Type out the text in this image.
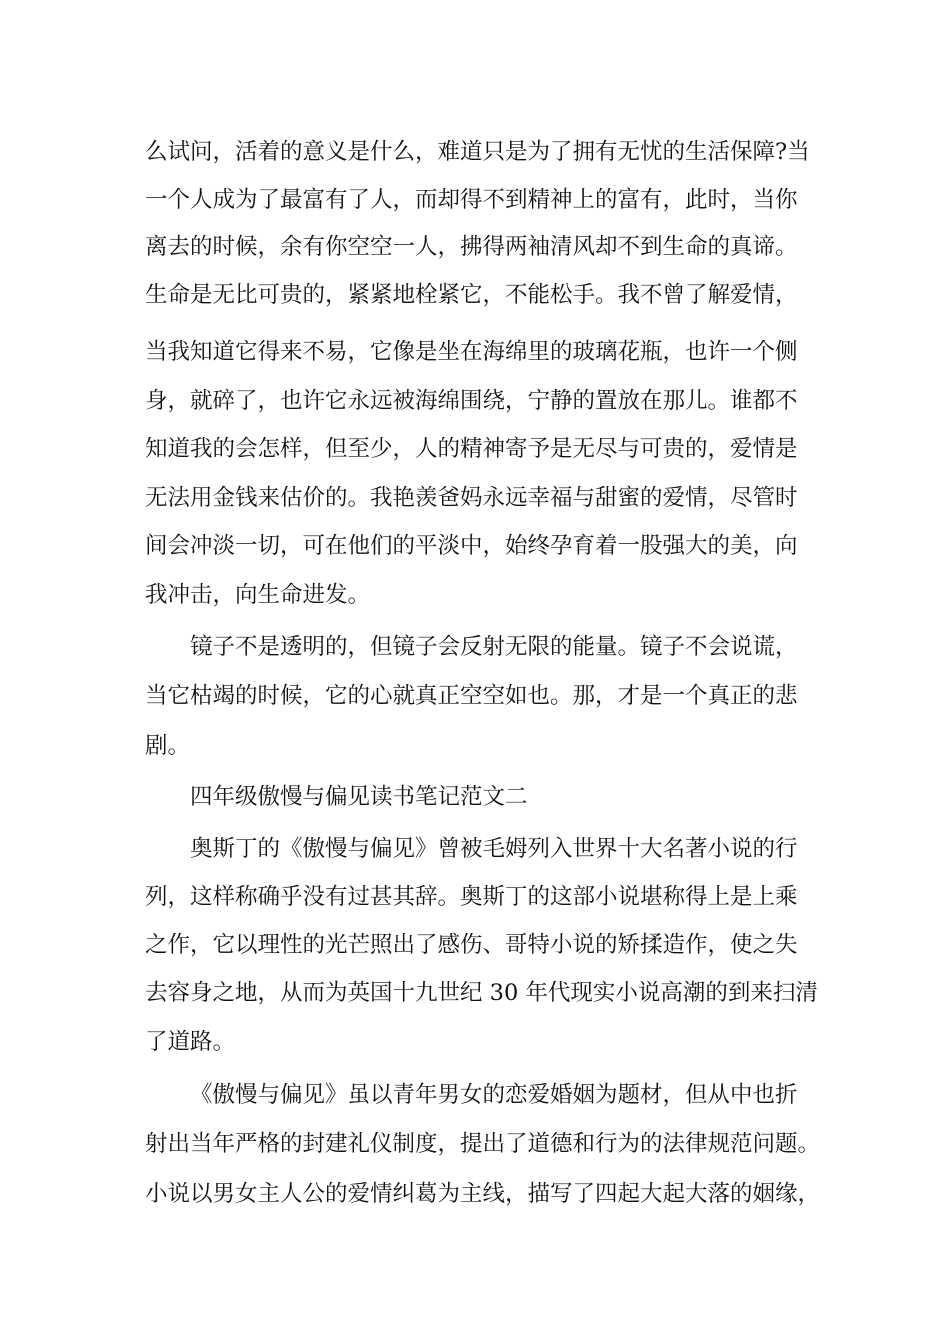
么试问，活着的意义是什么，难道只是为了拥有无忧的生活保障?当
一个人成为了最富有了人，而却得不到精神上的富有，此时，当你
离去的时候，余有你空空一人，拂得两袖清风却不到生命的真谛。
生命是无比可贵的，紧紧地栓紧它，不能松手。我不曾了解爱情，
当我知道它得来不易，它像是坐在海绵里的玻璃花瓶，也许一个侧
身，就碎了，也许它永远被海绵围绕，宁静的置放在那儿。谁都不
知道我的会怎样，但至少，人的精神寄予是无尽与可贵的，爱情是
无法用金钱来估价的。我艳羡爸妈永远幸福与甜蜜的爱情，尽管时
间会冲淡一切，可在他们的平淡中，始终孕育着一股强大的美，向
我冲击，向生命进发。
镜子不是透明的，但镜子会反射无限的能量。镜子不会说谎，
当它枯竭的时候，它的心就真正空空如也。那，才是一个真正的悲
剧。
四年级傲慢与偏见读书笔记范文二
奥斯丁的《傲慢与偏见》曾被毛姆列入世界十大名著小说的行
列，这样称确乎没有过甚其辞。奥斯丁的这部小说堪称得上是上乘
之作，它以理性的光芒照出了感伤、哥特小说的矫揉造作，使之失
去容身之地，从而为英国十九世纪 30 年代现实小说高潮的到来扫清
了道路。
《傲慢与偏见》虽以青年男女的恋爱婚姻为题材，但从中也折
射出当年严格的封建礼仪制度，提出了道德和行为的法律规范问题。
小说以男女主人公的爱情纠葛为主线，描写了四起大起大落的姻缘，
